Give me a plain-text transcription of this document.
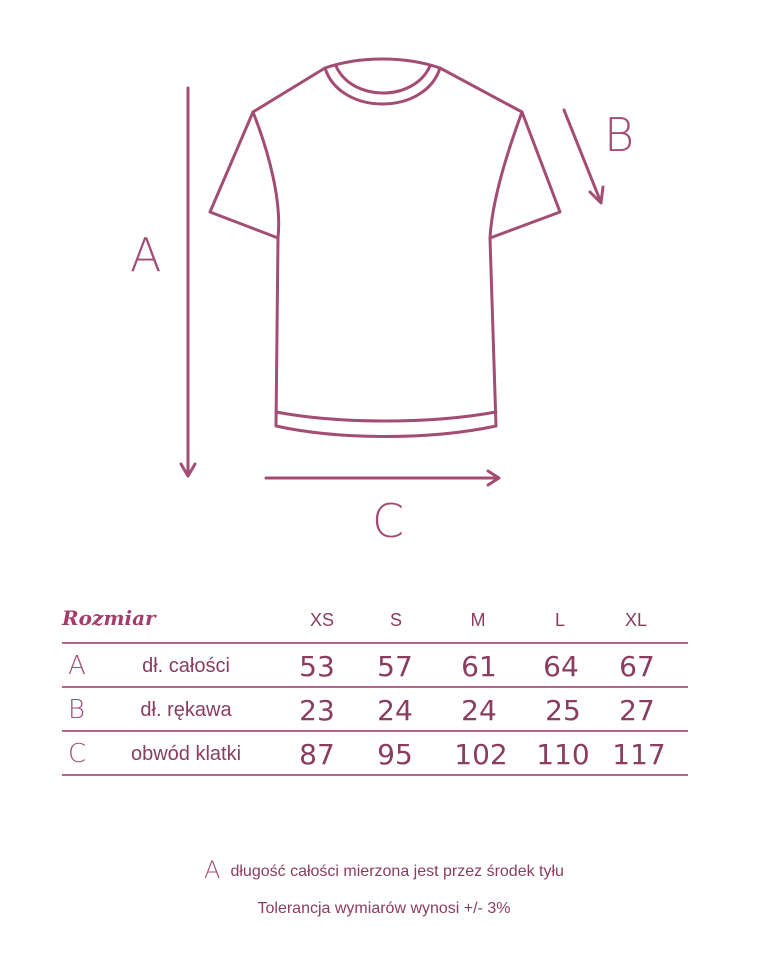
A
B
C
Rozmiar	XS	S	M	L	XL
A	dł. całości	53	57	61	64	67
B	dł. rękawa	23	24	24	25	27
C	obwód klatki	87	95	102 110 117
Adługość całości mierzona jest przez środek tyłu
Tolerancja wymiarów wynosi +/- 3%
